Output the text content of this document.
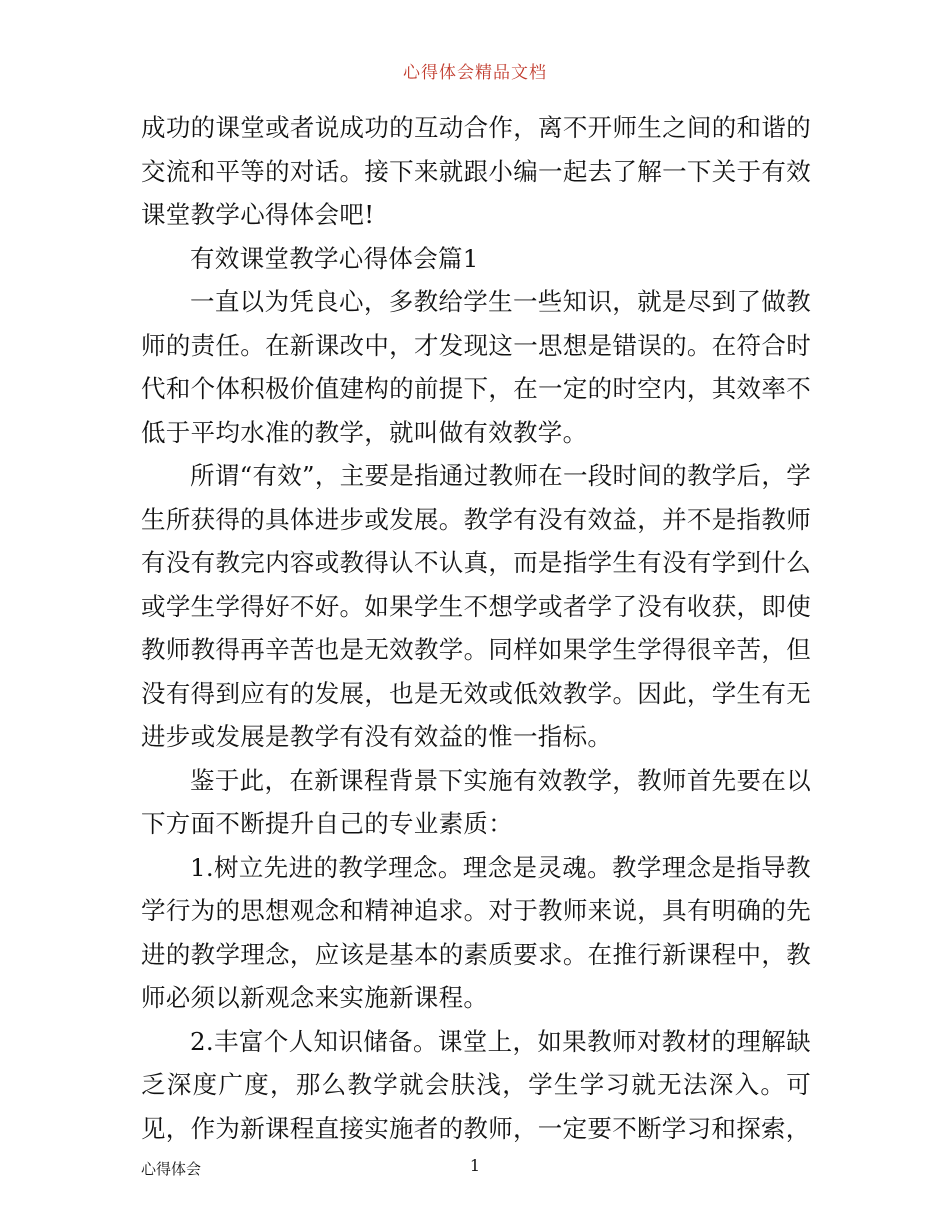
心得体会精品文档

成功的课堂或者说成功的互动合作，离不开师生之间的和谐的交流和平等的对话。接下来就跟小编一起去了解一下关于有效课堂教学心得体会吧!

有效课堂教学心得体会篇1

一直以为凭良心，多教给学生一些知识，就是尽到了做教师的责任。在新课改中，才发现这一思想是错误的。在符合时代和个体积极价值建构的前提下，在一定的时空内，其效率不低于平均水准的教学，就叫做有效教学。

所谓“有效”，主要是指通过教师在一段时间的教学后，学生所获得的具体进步或发展。教学有没有效益，并不是指教师有没有教完内容或教得认不认真，而是指学生有没有学到什么或学生学得好不好。如果学生不想学或者学了没有收获，即使教师教得再辛苦也是无效教学。同样如果学生学得很辛苦，但没有得到应有的发展，也是无效或低效教学。因此，学生有无进步或发展是教学有没有效益的惟一指标。

鉴于此，在新课程背景下实施有效教学，教师首先要在以下方面不断提升自己的专业素质：

1.树立先进的教学理念。理念是灵魂。教学理念是指导教学行为的思想观念和精神追求。对于教师来说，具有明确的先进的教学理念，应该是基本的素质要求。在推行新课程中，教师必须以新观念来实施新课程。

2.丰富个人知识储备。课堂上，如果教师对教材的理解缺乏深度广度，那么教学就会肤浅，学生学习就无法深入。可见，作为新课程直接实施者的教师，一定要不断学习和探索，

心得体会	1
